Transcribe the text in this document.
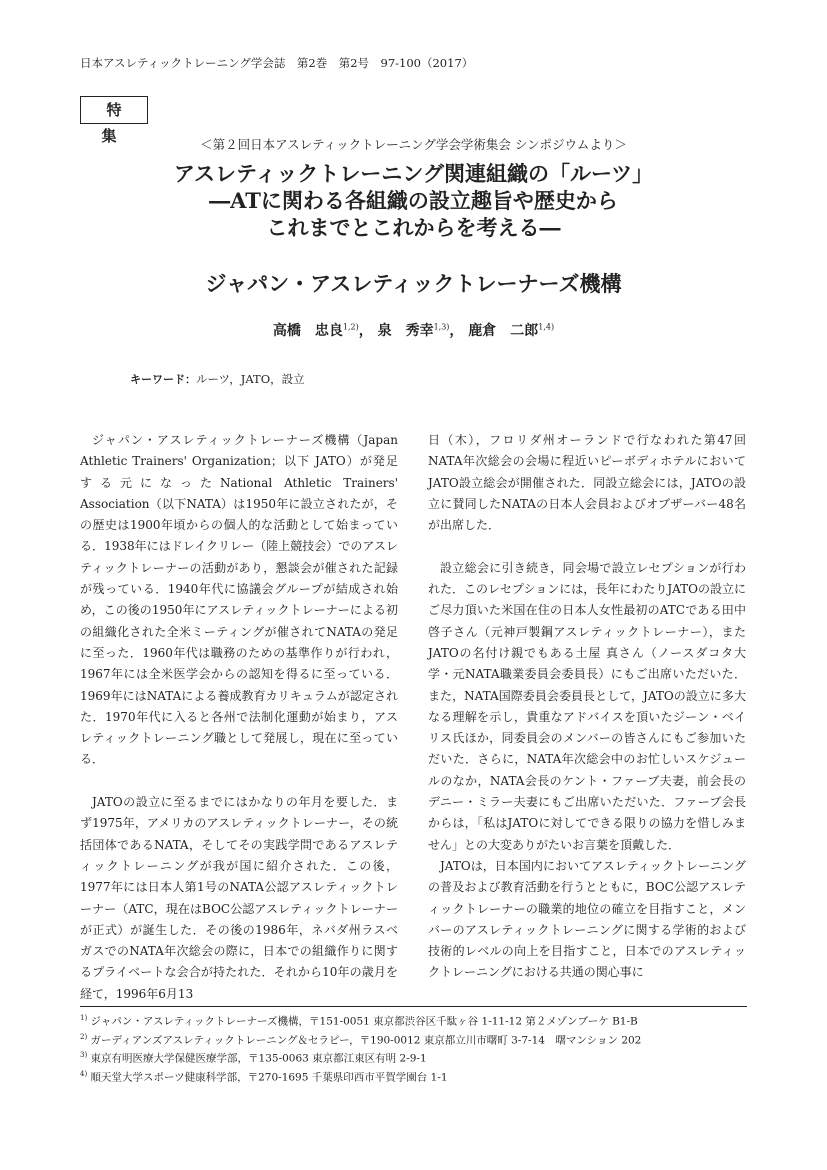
日本アスレティックトレーニング学会誌　第2巻　第2号　97-100（2017）
特 集	＜第２回日本アスレティックトレーニング学会学術集会 シンポジウムより＞
アスレティックトレーニング関連組織の「ルーツ」
―ATに関わる各組織の設立趣旨や歴史から
これまでとこれからを考える―
ジャパン・アスレティックトレーナーズ機構
高橋　忠良$^{1,2)}$， 泉　秀幸$^{1,3)}$， 鹿倉　二郎$^{1,4)}$
キーワード：ルーツ，JATO，設立

ジャパン・アスレティックトレーナーズ機構（Japan Athletic Trainers' Organization；以下 JATO）が発足する元になったNational Athletic Trainers' Association（以下NATA）は1950年に設立されたが，その歴史は1900年頃からの個人的な活動として始まっている．1938年にはドレイクリレー（陸上競技会）でのアスレティックトレーナーの活動があり，懇談会が催された記録が残っている．1940年代に協議会グループが結成され始め，この後の1950年にアスレティックトレーナーによる初の組織化された全米ミーティングが催されてNATAの発足に至った．1960年代は職務のための基準作りが行われ，1967年には全米医学会からの認知を得るに至っている．1969年にはNATAによる養成教育カリキュラムが認定された．1970年代に入ると各州で法制化運動が始まり，アスレティックトレーニング職として発展し，現在に至っている．

JATOの設立に至るまでにはかなりの年月を要した．まず1975年，アメリカのアスレティックトレーナー，その統括団体であるNATA，そしてその実践学問であるアスレティックトレーニングが我が国に紹介された．この後，1977年には日本人第1号のNATA公認アスレティックトレーナー（ATC，現在はBOC公認アスレティックトレーナーが正式）が誕生した．その後の1986年，ネバダ州ラスベガスでのNATA年次総会の際に，日本での組織作りに関するプライベートな会合が持たれた．それから10年の歳月を経て，1996年6月13

日（木），フロリダ州オーランドで行なわれた第47回NATA年次総会の会場に程近いピーボディホテルにおいてJATO設立総会が開催された．同設立総会には，JATOの設立に賛同したNATAの日本人会員およびオブザーバー48名が出席した．

設立総会に引き続き，同会場で設立レセプションが行われた．このレセプションには，長年にわたりJATOの設立にご尽力頂いた米国在住の日本人女性最初のATCである田中啓子さん（元神戸製鋼アスレティックトレーナー），またJATOの名付け親でもある土屋 真さん（ノースダコタ大学・元NATA職業委員会委員長）にもご出席いただいた．また，NATA国際委員会委員長として，JATOの設立に多大なる理解を示し，貴重なアドバイスを頂いたジーン・ベイリス氏ほか，同委員会のメンバーの皆さんにもご参加いただいた．さらに，NATA年次総会中のお忙しいスケジュールのなか，NATA会長のケント・ファーブ夫妻，前会長のデニー・ミラー夫妻にもご出席いただいた．ファーブ会長からは，「私はJATOに対してできる限りの協力を惜しみません」との大変ありがたいお言葉を頂戴した．

JATOは，日本国内においてアスレティックトレーニングの普及および教育活動を行うとともに，BOC公認アスレティックトレーナーの職業的地位の確立を目指すこと，メンバーのアスレティックトレーニングに関する学術的および技術的レベルの向上を目指すこと，日本でのアスレティックトレーニングにおける共通の関心事に

$^{1)}$ ジャパン・アスレティックトレーナーズ機構，〒151-0051 東京都渋谷区千駄ヶ谷 1-11-12 第２メゾンブーケ B1-B
$^{2)}$ ガーディアンズアスレティックトレーニング＆セラピー，〒190-0012 東京都立川市曙町 3-7-14　曙マンション 202
$^{3)}$ 東京有明医療大学保健医療学部，〒135-0063 東京都江東区有明 2-9-1
$^{4)}$ 順天堂大学スポーツ健康科学部，〒270-1695 千葉県印西市平賀学園台 1-1
